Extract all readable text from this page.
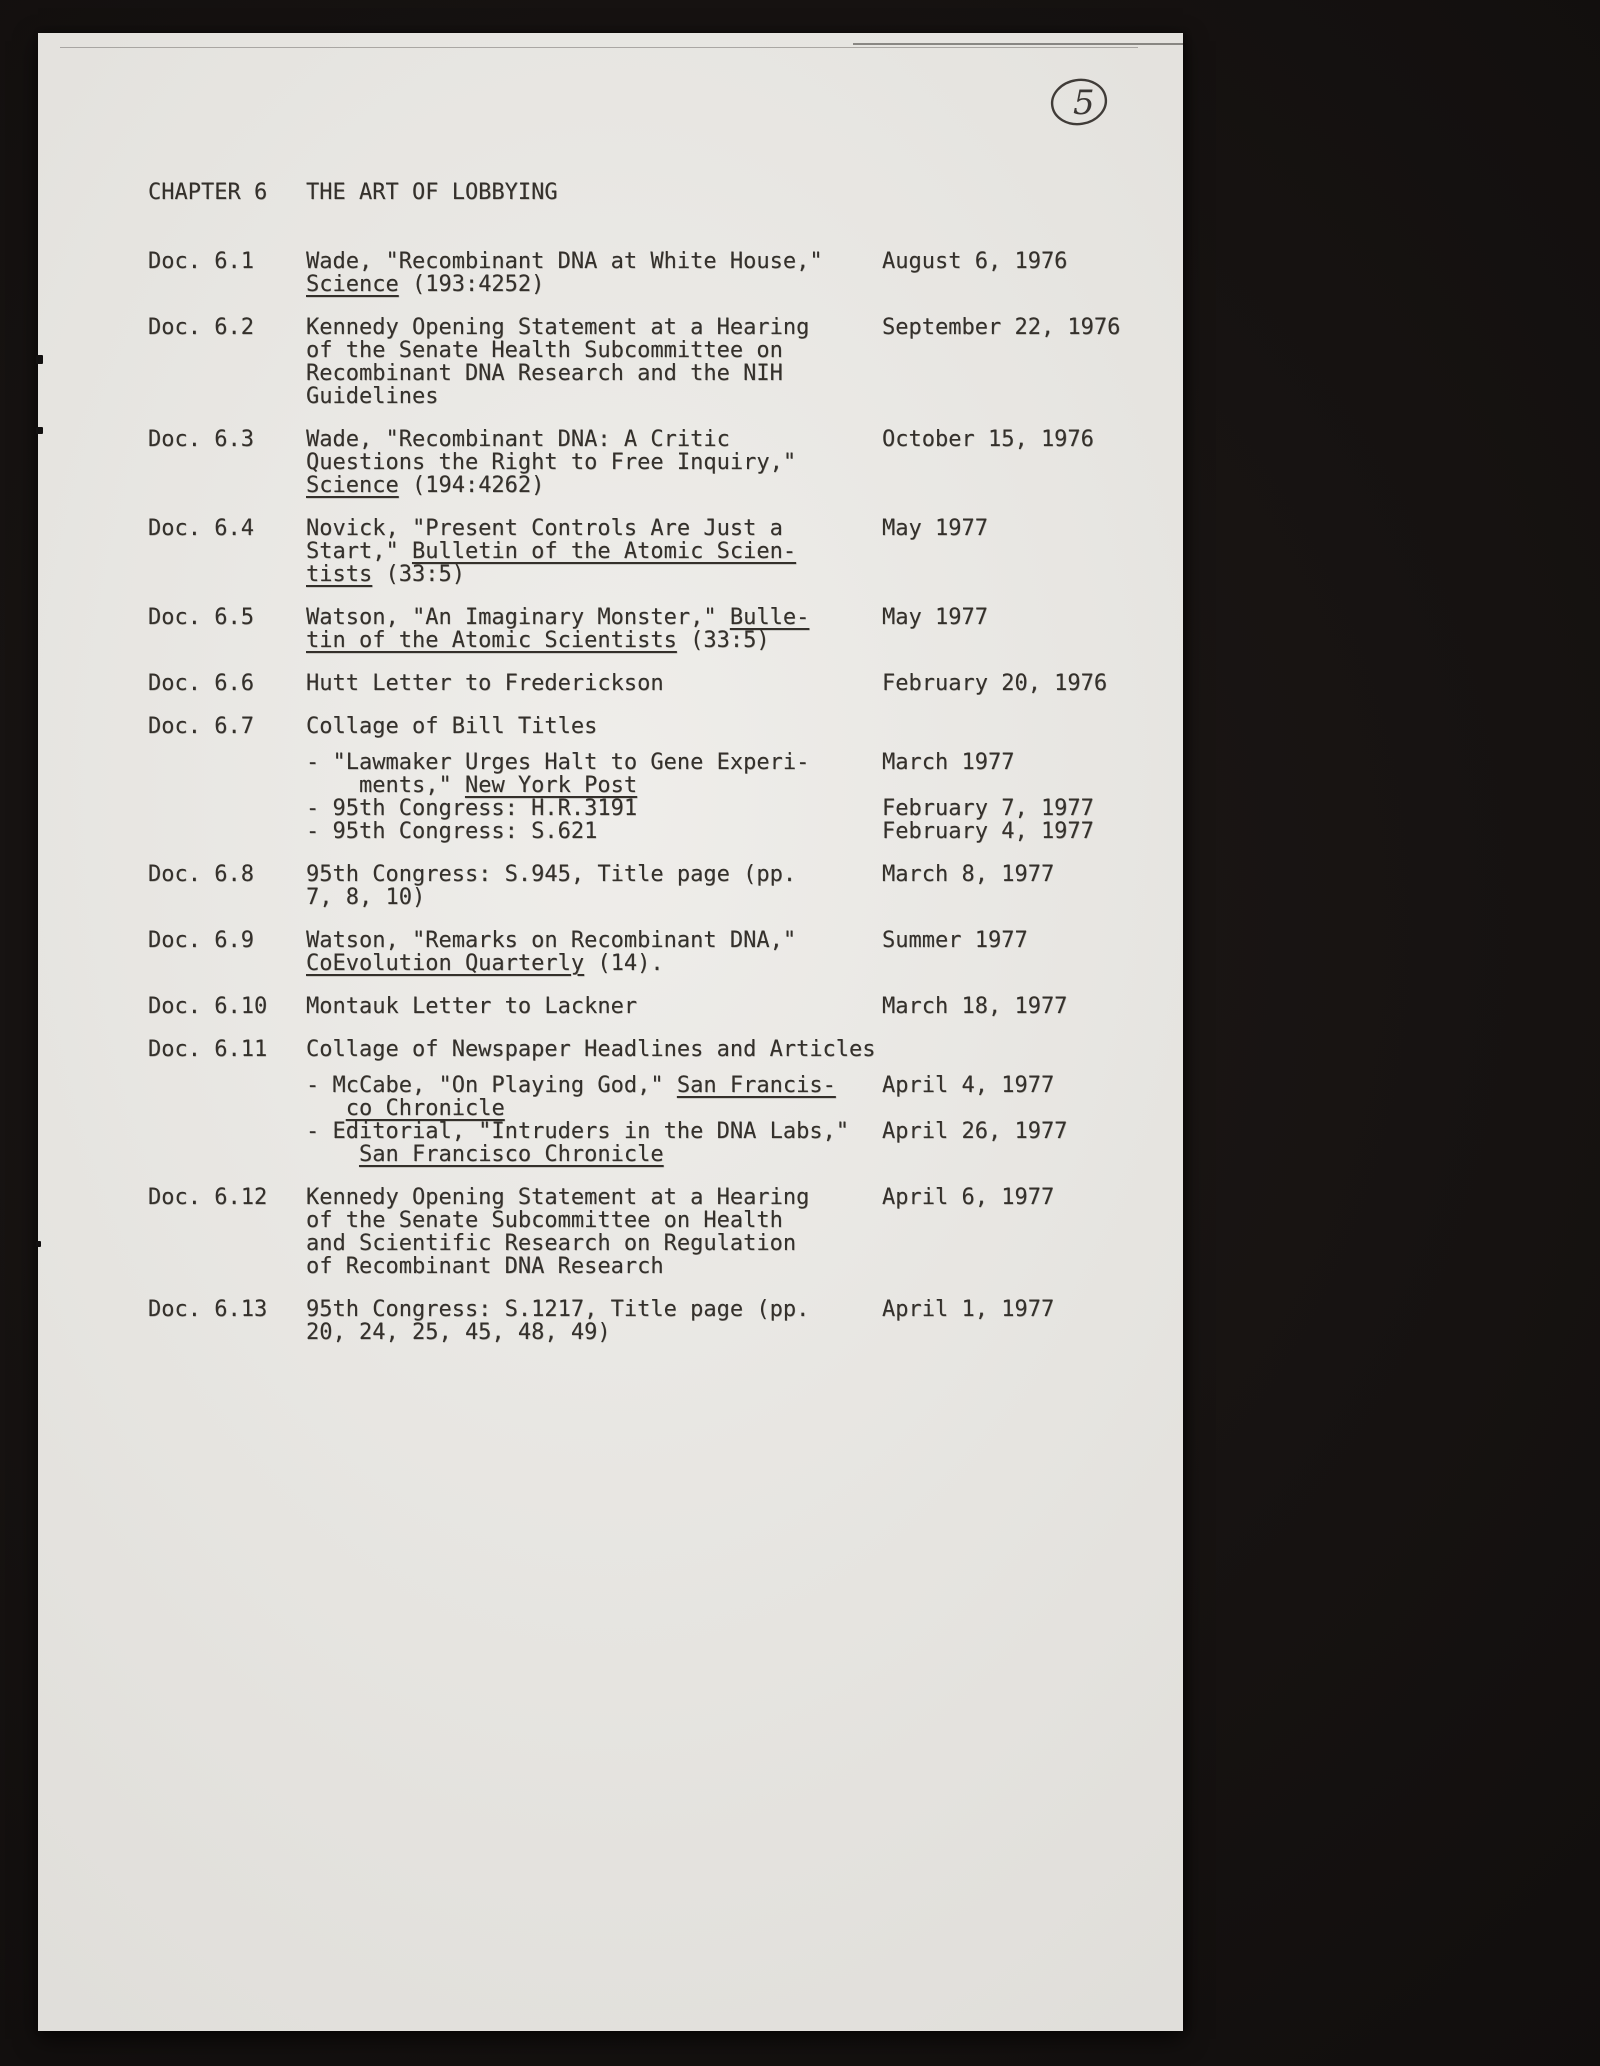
5
CHAPTER 6	THE ART OF LOBBYING
Doc. 6.1	Wade, "Recombinant DNA at White House,"
Science (193:4252)
August 6, 1976
Doc. 6.2	Kennedy Opening Statement at a Hearing
of the Senate Health Subcommittee on
Recombinant DNA Research and the NIH
Guidelines
September 22, 1976
Doc. 6.3	Wade, "Recombinant DNA: A Critic
Questions the Right to Free Inquiry,"
Science (194:4262)
October 15, 1976
Doc. 6.4	Novick, "Present Controls Are Just a
Start," Bulletin of the Atomic Scien-
tists (33:5)
May 1977
Doc. 6.5	Watson, "An Imaginary Monster," Bulle-
tin of the Atomic Scientists (33:5)
May 1977
Doc. 6.6	Hutt Letter to Frederickson	February 20, 1976
Doc. 6.7	Collage of Bill Titles
- "Lawmaker Urges Halt to Gene Experi-
ments," New York Post
March 1977
- 95th Congress: H.R.3191	February 7, 1977
- 95th Congress: S.621	February 4, 1977
Doc. 6.8	95th Congress: S.945, Title page (pp.
7, 8, 10)
March 8, 1977
Doc. 6.9	Watson, "Remarks on Recombinant DNA,"
CoEvolution Quarterly (14).
Summer 1977
Doc. 6.10	Montauk Letter to Lackner	March 18, 1977
Doc. 6.11	Collage of Newspaper Headlines and Articles
- McCabe, "On Playing God," San Francis-
co Chronicle
April 4, 1977
- Editorial, "Intruders in the DNA Labs,"
San Francisco Chronicle
April 26, 1977
Doc. 6.12	Kennedy Opening Statement at a Hearing
of the Senate Subcommittee on Health
and Scientific Research on Regulation
of Recombinant DNA Research
April 6, 1977
Doc. 6.13	95th Congress: S.1217, Title page (pp.
20, 24, 25, 45, 48, 49)
April 1, 1977
